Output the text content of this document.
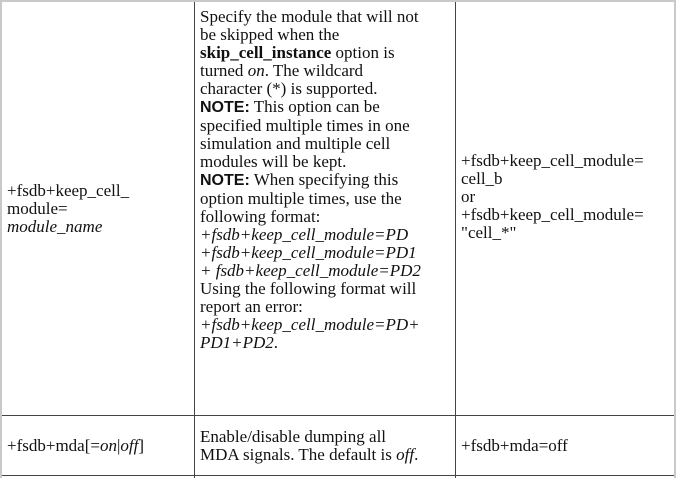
+fsdb+keep_cell_
module=
module_name
Specify the module that will not
be skipped when the
skip_cell_instance option is
turned on. The wildcard
character (*) is supported.
NOTE: This option can be
specified multiple times in one
simulation and multiple cell
modules will be kept.
NOTE: When specifying this
option multiple times, use the
following format:
+fsdb+keep_cell_module=PD
+fsdb+keep_cell_module=PD1
+ fsdb+keep_cell_module=PD2
Using the following format will
report an error:
+fsdb+keep_cell_module=PD+
PD1+PD2.
+fsdb+keep_cell_module=
cell_b
or
+fsdb+keep_cell_module=
"cell_*"
+fsdb+mda[=on|off]	Enable/disable dumping all
MDA signals. The default is off.	+fsdb+mda=off
